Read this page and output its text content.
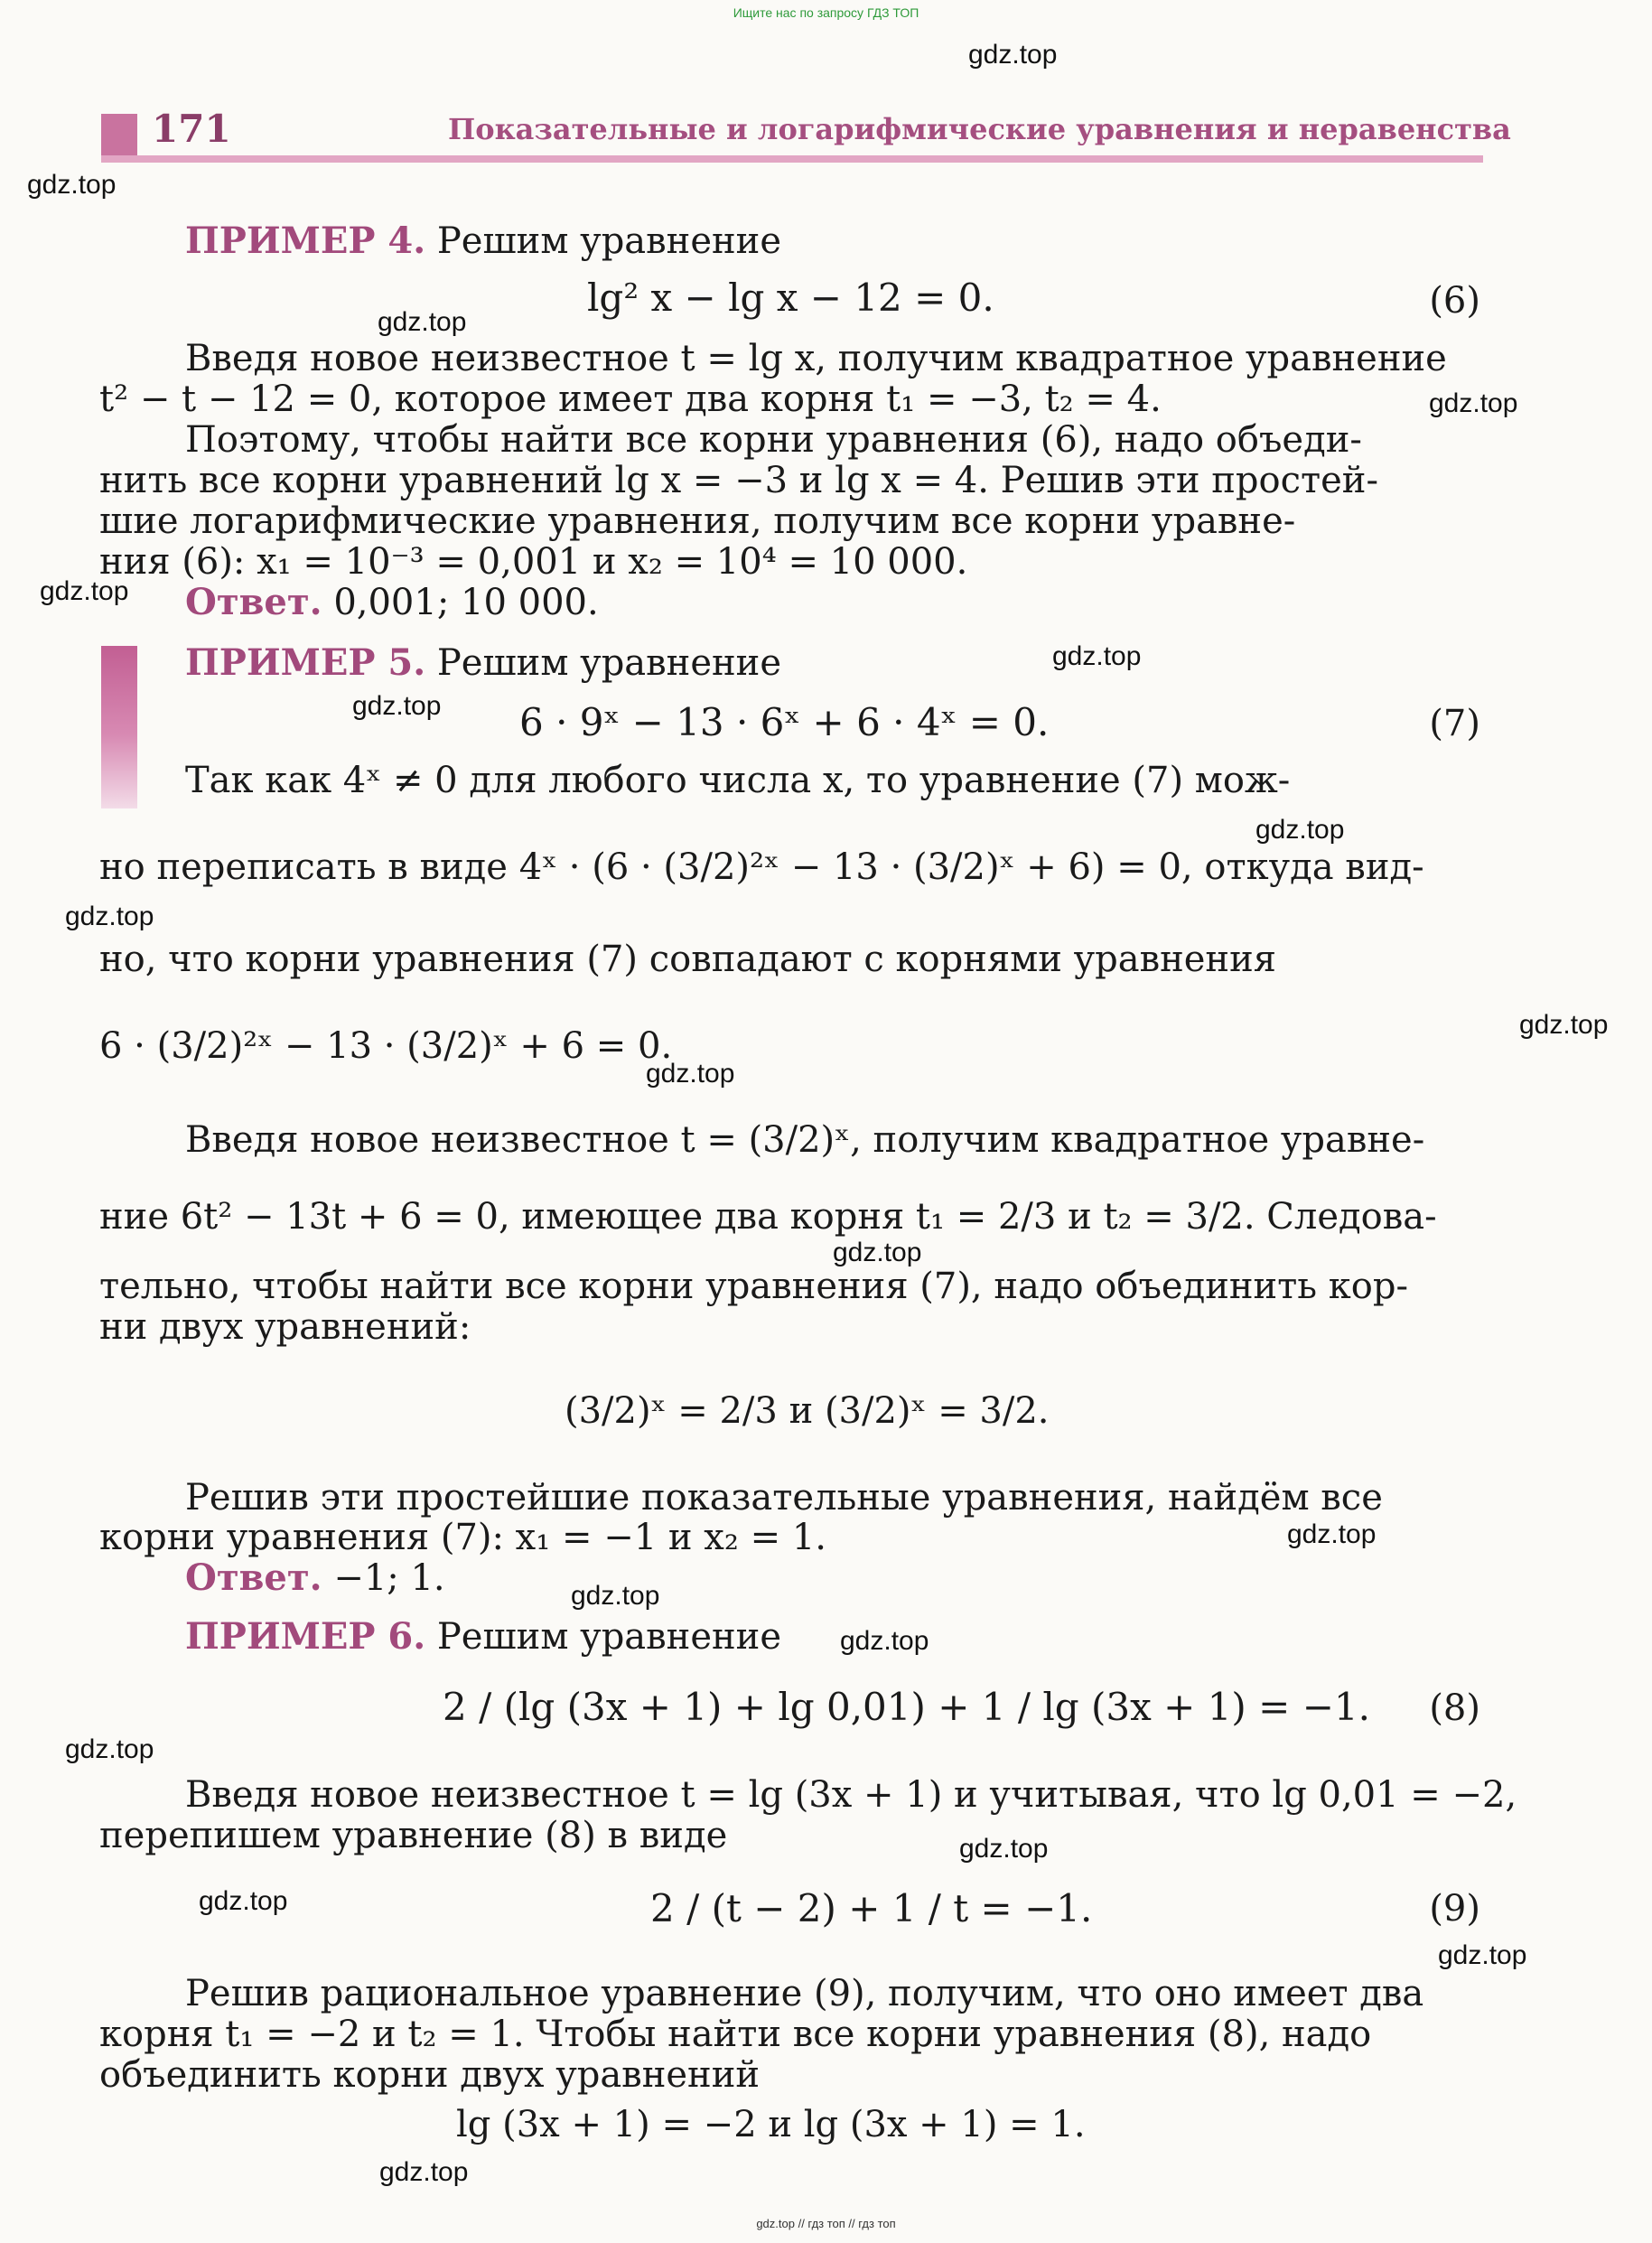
Ищите нас по запросу ГДЗ ТОП
171	Показательные и логарифмические уравнения и неравенства
ПРИМЕР 4. Решим уравнение
lg² x − lg x − 12 = 0.	(6)
Введя новое неизвестное t = lg x, получим квадратное уравнение
t² − t − 12 = 0, которое имеет два корня t₁ = −3, t₂ = 4.
Поэтому, чтобы найти все корни уравнения (6), надо объеди-
нить все корни уравнений lg x = −3 и lg x = 4. Решив эти простей-
шие логарифмические уравнения, получим все корни уравне-
ния (6): x₁ = 10⁻³ = 0,001 и x₂ = 10⁴ = 10 000.
Ответ. 0,001; 10 000.
ПРИМЕР 5. Решим уравнение
6 · 9ˣ − 13 · 6ˣ + 6 · 4ˣ = 0.	(7)
Так как 4ˣ ≠ 0 для любого числа x, то уравнение (7) мож-
но переписать в виде 4ˣ · (6 · (3/2)²ˣ − 13 · (3/2)ˣ + 6) = 0, откуда вид-
но, что корни уравнения (7) совпадают с корнями уравнения
6 · (3/2)²ˣ − 13 · (3/2)ˣ + 6 = 0.
Введя новое неизвестное t = (3/2)ˣ, получим квадратное уравне-
ние 6t² − 13t + 6 = 0, имеющее два корня t₁ = 2/3 и t₂ = 3/2. Следова-
тельно, чтобы найти все корни уравнения (7), надо объединить кор-
ни двух уравнений:
(3/2)ˣ = 2/3 и (3/2)ˣ = 3/2.
Решив эти простейшие показательные уравнения, найдём все
корни уравнения (7): x₁ = −1 и x₂ = 1.
Ответ. −1; 1.
ПРИМЕР 6. Решим уравнение
2 / (lg (3x + 1) + lg 0,01) + 1 / lg (3x + 1) = −1. (8)
Введя новое неизвестное t = lg (3x + 1) и учитывая, что lg 0,01 = −2,
перепишем уравнение (8) в виде
2 / (t − 2) + 1 / t = −1.	(9)
Решив рациональное уравнение (9), получим, что оно имеет два
корня t₁ = −2 и t₂ = 1. Чтобы найти все корни уравнения (8), надо
объединить корни двух уравнений
lg (3x + 1) = −2 и lg (3x + 1) = 1.
gdz.top
gdz.top
gdz.top
gdz.top
gdz.top
gdz.top
gdz.top
gdz.top
gdz.top
gdz.top
gdz.top
gdz.top
gdz.top
gdz.top
gdz.top
gdz.top
gdz.top
gdz.top
gdz.top
gdz.top
gdz.top // гдз топ // гдз топ
